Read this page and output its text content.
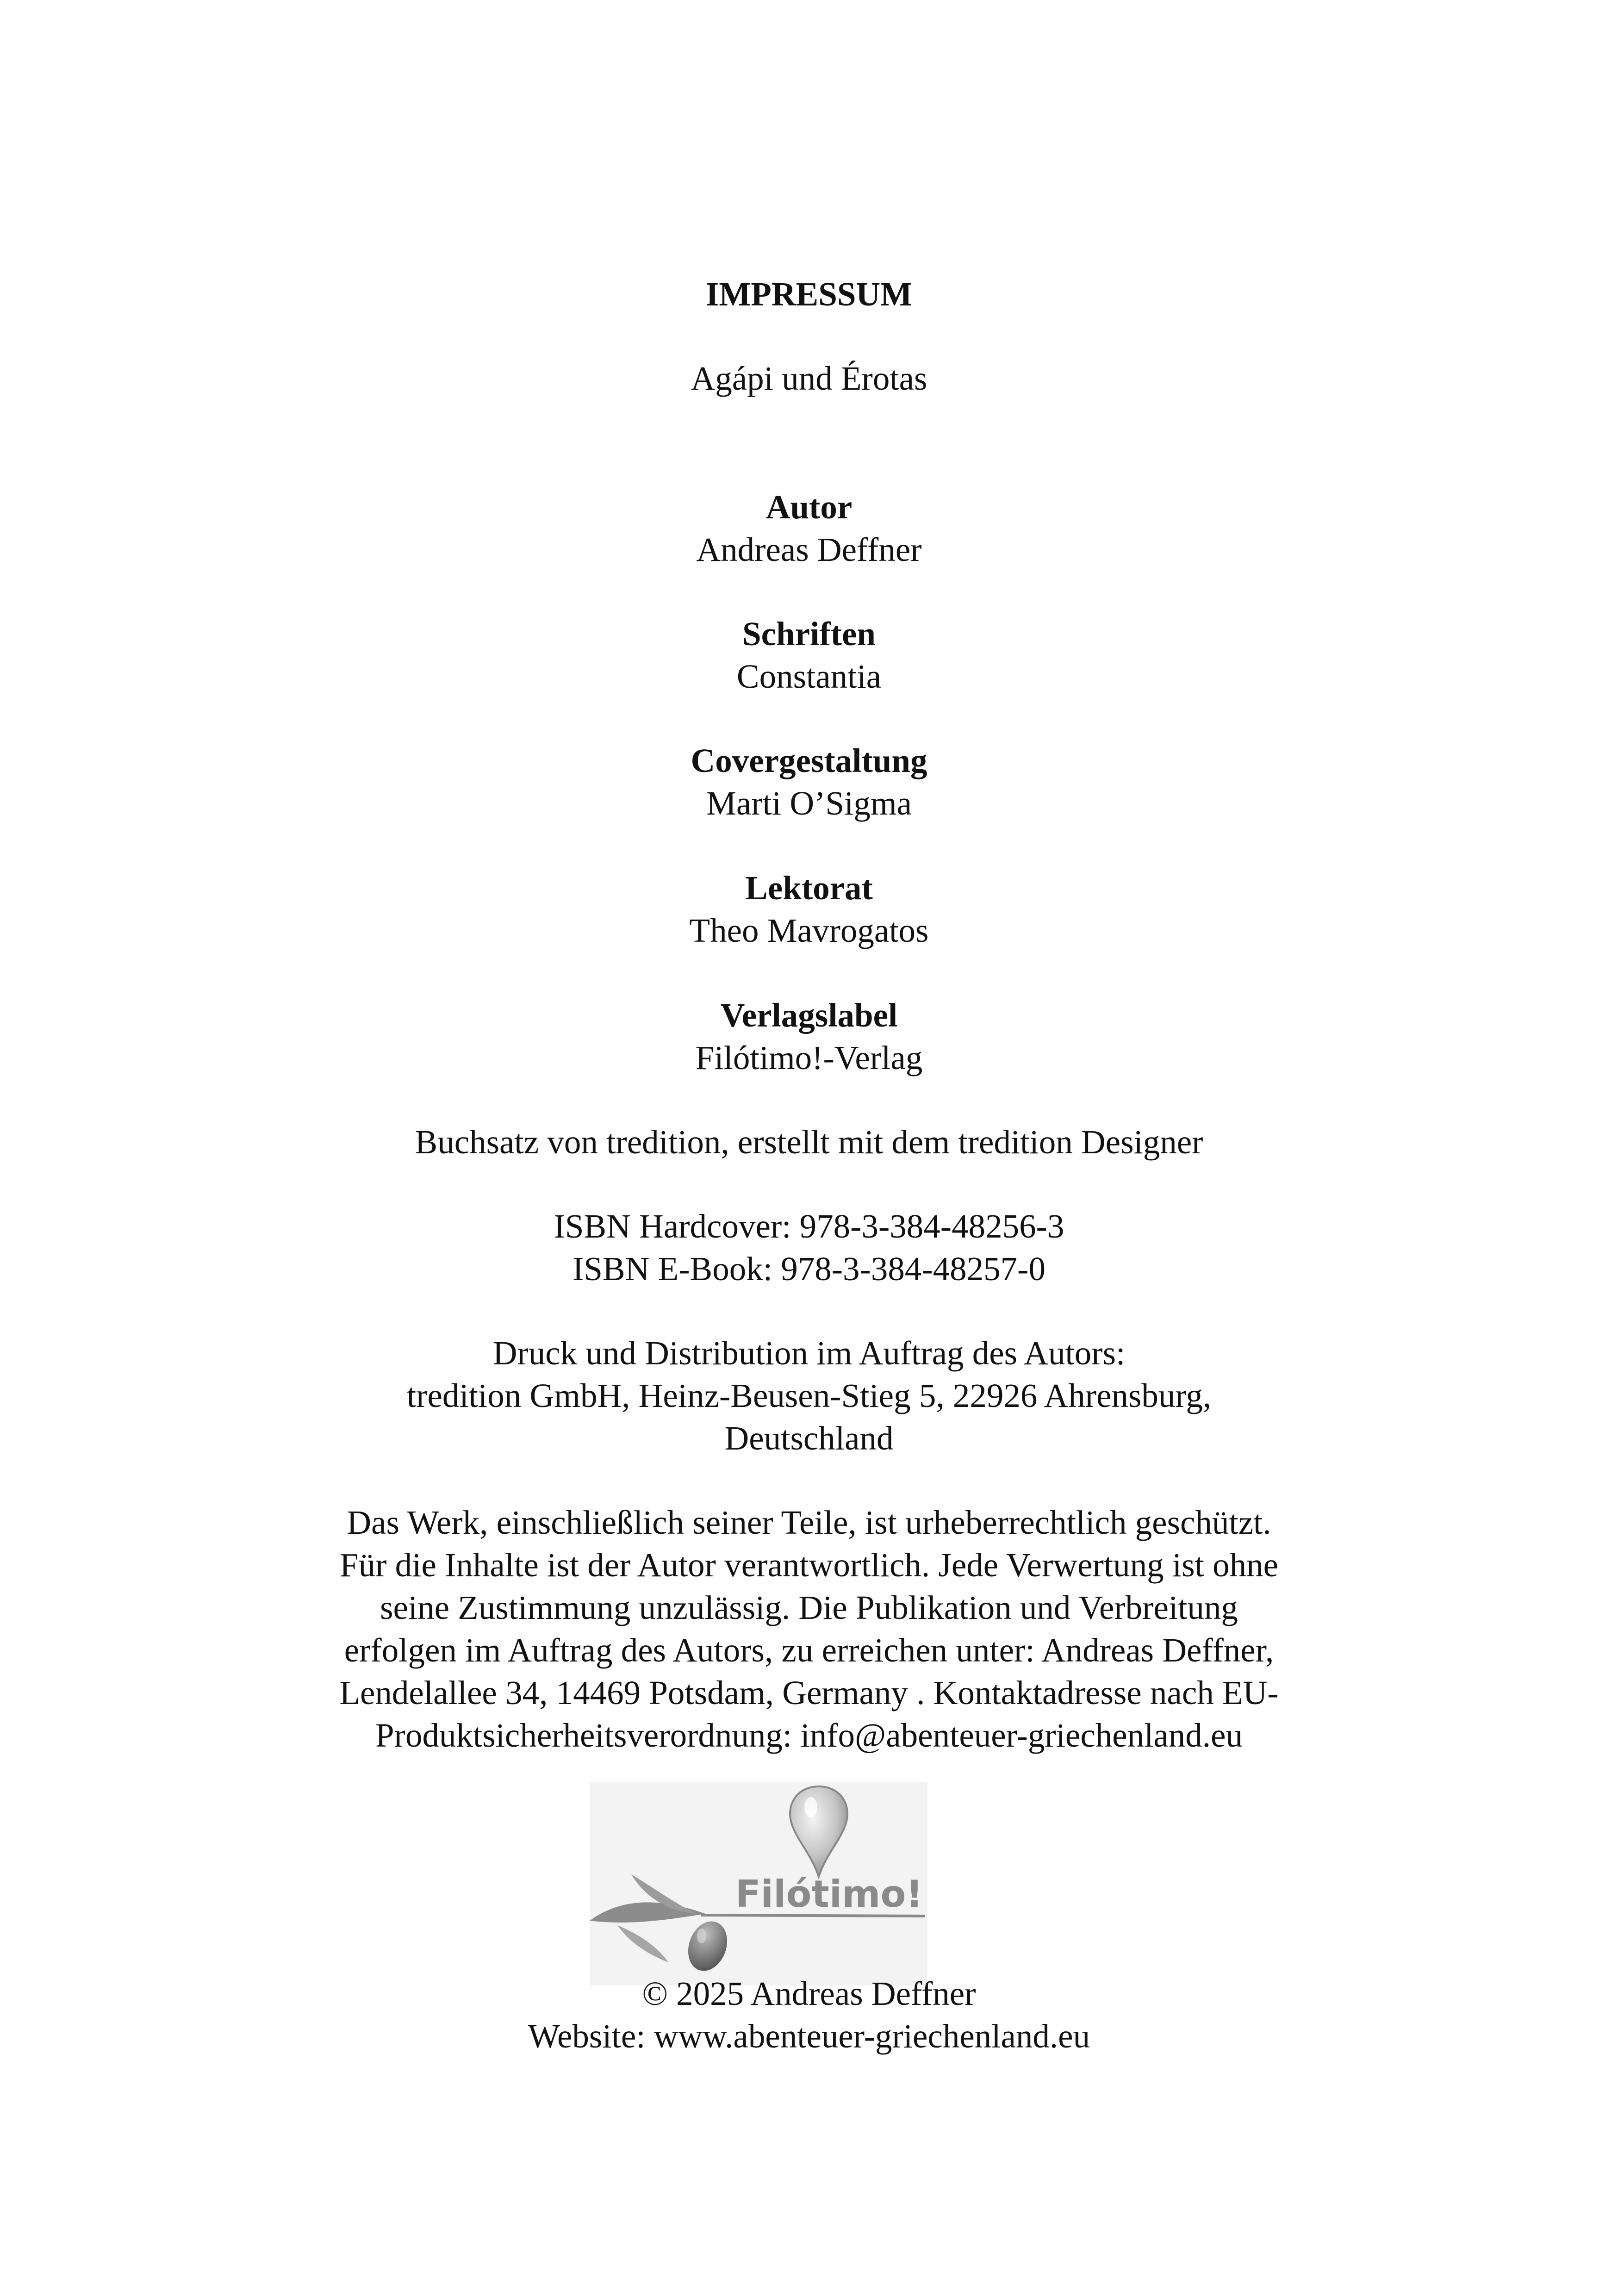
IMPRESSUM
Agápi und Érotas
Autor
Andreas Deffner
Schriften
Constantia
Covergestaltung
Marti O’Sigma
Lektorat
Theo Mavrogatos
Verlagslabel
Filótimo!-Verlag
Buchsatz von tredition, erstellt mit dem tredition Designer
ISBN Hardcover: 978-3-384-48256-3
ISBN E-Book: 978-3-384-48257-0
Druck und Distribution im Auftrag des Autors:
tredition GmbH, Heinz-Beusen-Stieg 5, 22926 Ahrensburg,
Deutschland
Das Werk, einschließlich seiner Teile, ist urheberrechtlich geschützt.
Für die Inhalte ist der Autor verantwortlich. Jede Verwertung ist ohne
seine Zustimmung unzulässig. Die Publikation und Verbreitung
erfolgen im Auftrag des Autors, zu erreichen unter: Andreas Deffner,
Lendelallee 34, 14469 Potsdam, Germany . Kontaktadresse nach EU-
Produktsicherheitsverordnung: info@abenteuer-griechenland.eu
Filótimo!
© 2025 Andreas Deffner
Website: www.abenteuer-griechenland.eu
